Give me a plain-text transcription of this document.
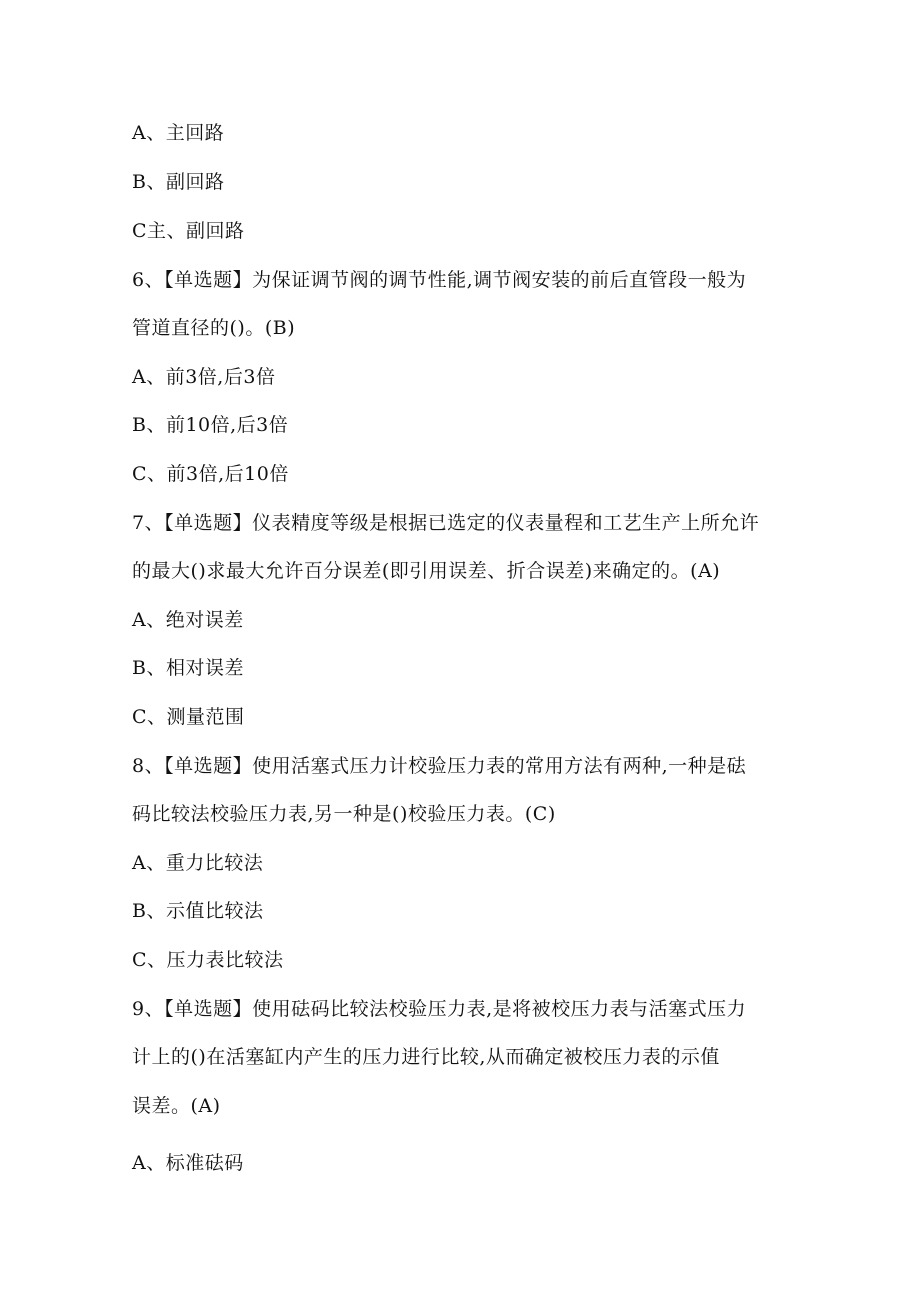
A、主回路
B、副回路
C主、副回路
6、【单选题】为保证调节阀的调节性能,调节阀安装的前后直管段一般为
管道直径的()。(B)
A、前3倍,后3倍
B、前10倍,后3倍
C、前3倍,后10倍
7、【单选题】仪表精度等级是根据已选定的仪表量程和工艺生产上所允许
的最大()求最大允许百分误差(即引用误差、折合误差)来确定的。(A)
A、绝对误差
B、相对误差
C、测量范围
8、【单选题】使用活塞式压力计校验压力表的常用方法有两种,一种是砝
码比较法校验压力表,另一种是()校验压力表。(C)
A、重力比较法
B、示值比较法
C、压力表比较法
9、【单选题】使用砝码比较法校验压力表,是将被校压力表与活塞式压力
计上的()在活塞缸内产生的压力进行比较,从而确定被校压力表的示值
误差。(A)
A、标准砝码
